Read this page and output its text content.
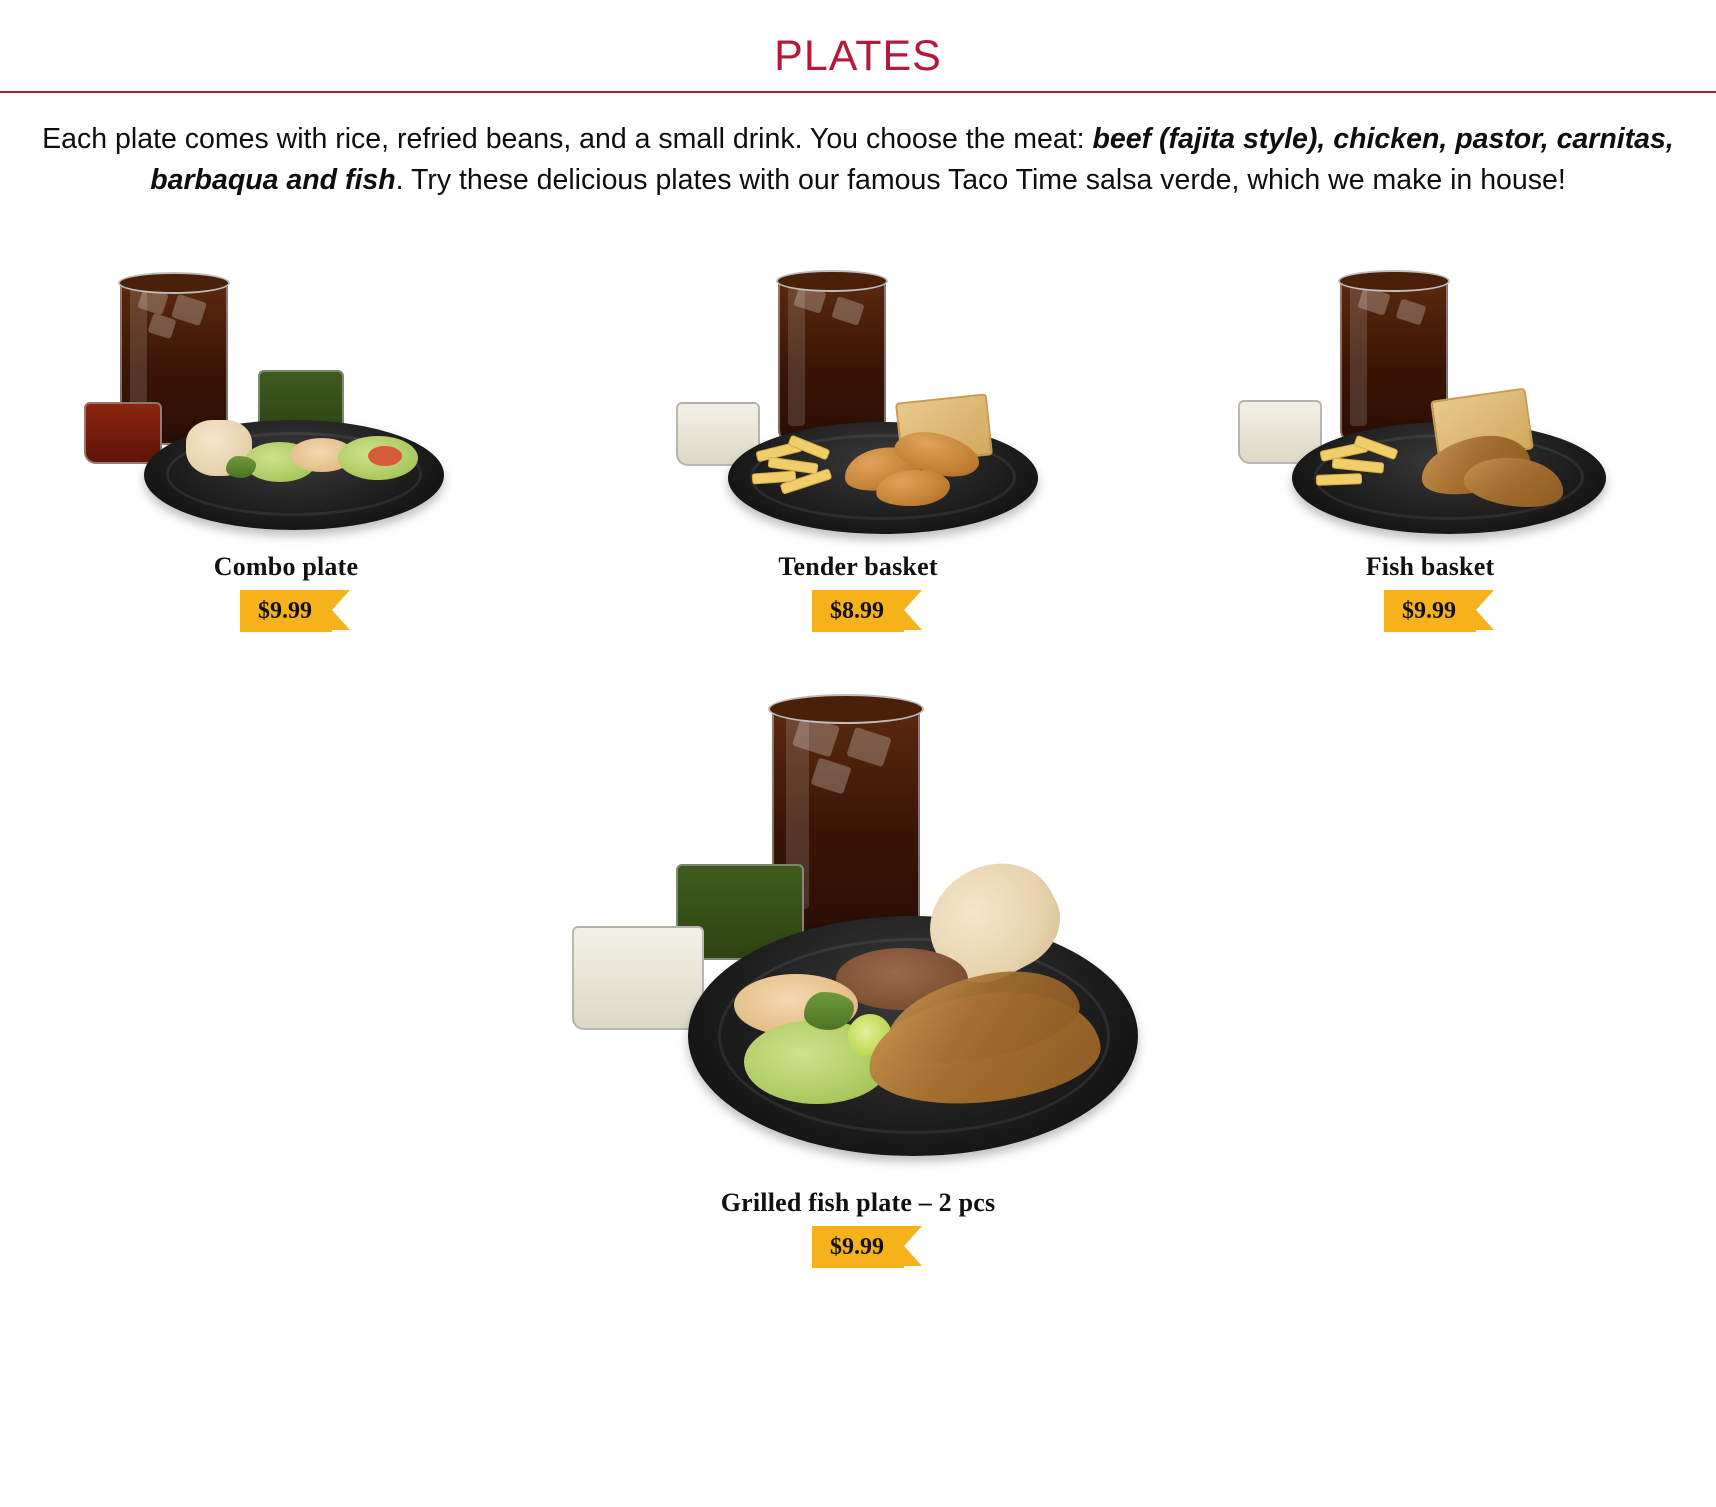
PLATES

Each plate comes with rice, refried beans, and a small drink. You choose the meat: beef (fajita style), chicken, pastor, carnitas, barbaqua and fish. Try these delicious plates with our famous Taco Time salsa verde, which we make in house!

Combo plate
$9.99
Tender basket
$8.99
Fish basket
$9.99
Grilled fish plate – 2 pcs
$9.99
